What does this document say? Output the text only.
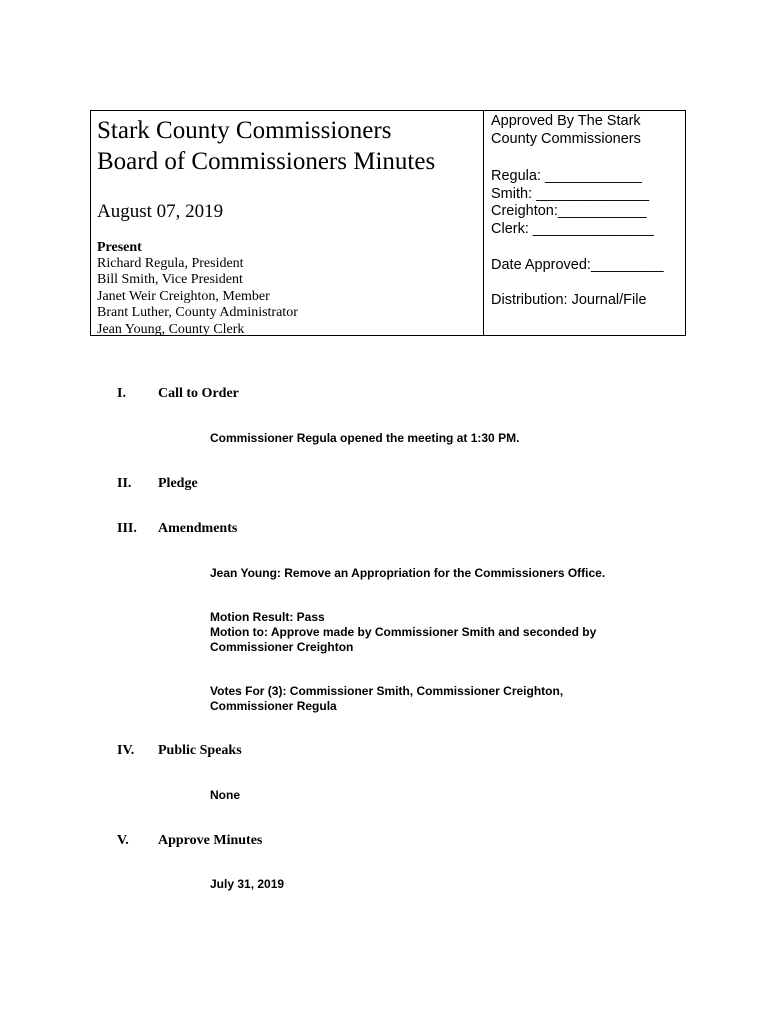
Stark County Commissioners
Board of Commissioners Minutes
August 07, 2019
Present
Richard Regula, President
Bill Smith, Vice President
Janet Weir Creighton, Member
Brant Luther, County Administrator
Jean Young, County Clerk
Approved By The Stark
County Commissioners
Regula: ____________
Smith: ______________
Creighton:___________
Clerk: _______________
Date Approved:_________
Distribution: Journal/File
I. Call to Order
Commissioner Regula opened the meeting at 1:30 PM.
II. Pledge
III. Amendments
Jean Young: Remove an Appropriation for the Commissioners Office.
Motion Result: Pass
Motion to: Approve made by Commissioner Smith and seconded by
Commissioner Creighton
Votes For (3): Commissioner Smith, Commissioner Creighton,
Commissioner Regula
IV. Public Speaks
None
V. Approve Minutes
July 31, 2019
